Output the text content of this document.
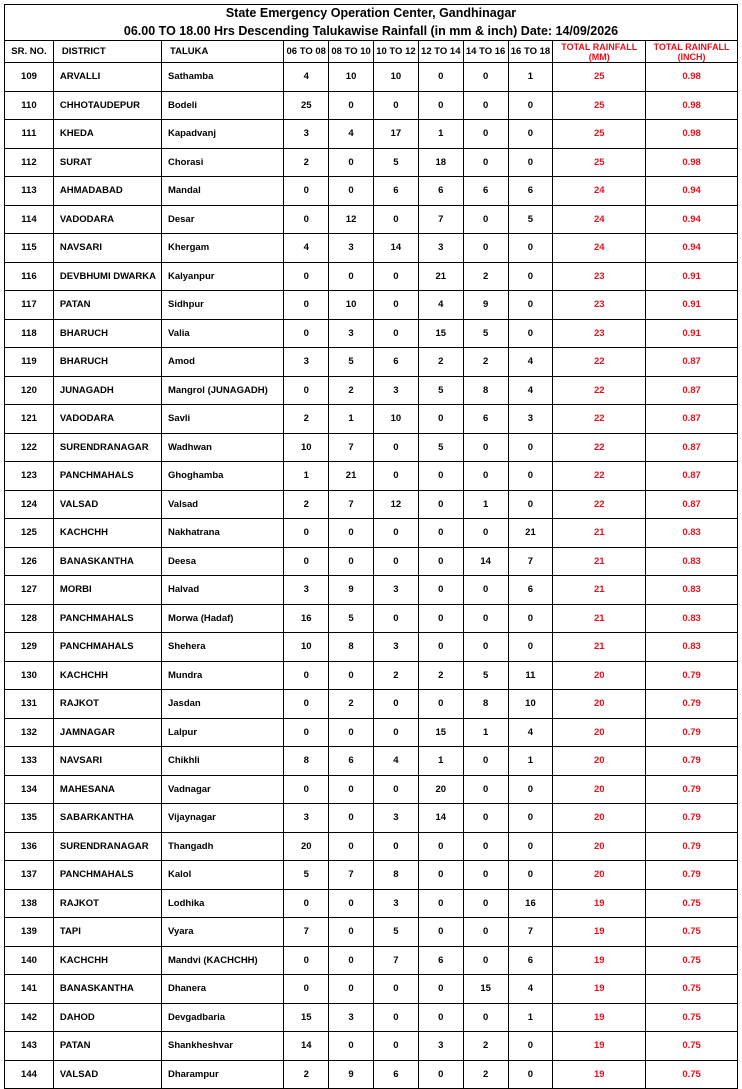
State Emergency Operation Center, Gandhinagar
06.00 TO 18.00 Hrs Descending Talukawise Rainfall (in mm & inch) Date: 14/09/2026
SR. NO.	DISTRICT	TALUKA	06 TO 08	08 TO 10	10 TO 12	12 TO 14	14 TO 16	16 TO 18	TOTAL RAINFALL (MM)	TOTAL RAINFALL (INCH)
109	ARVALLI	Sathamba	4	10	10	0	0	1	25	0.98
110	CHHOTAUDEPUR	Bodeli	25	0	0	0	0	0	25	0.98
111	KHEDA	Kapadvanj	3	4	17	1	0	0	25	0.98
112	SURAT	Chorasi	2	0	5	18	0	0	25	0.98
113	AHMADABAD	Mandal	0	0	6	6	6	6	24	0.94
114	VADODARA	Desar	0	12	0	7	0	5	24	0.94
115	NAVSARI	Khergam	4	3	14	3	0	0	24	0.94
116	DEVBHUMI DWARKA	Kalyanpur	0	0	0	21	2	0	23	0.91
117	PATAN	Sidhpur	0	10	0	4	9	0	23	0.91
118	BHARUCH	Valia	0	3	0	15	5	0	23	0.91
119	BHARUCH	Amod	3	5	6	2	2	4	22	0.87
120	JUNAGADH	Mangrol (JUNAGADH)	0	2	3	5	8	4	22	0.87
121	VADODARA	Savli	2	1	10	0	6	3	22	0.87
122	SURENDRANAGAR	Wadhwan	10	7	0	5	0	0	22	0.87
123	PANCHMAHALS	Ghoghamba	1	21	0	0	0	0	22	0.87
124	VALSAD	Valsad	2	7	12	0	1	0	22	0.87
125	KACHCHH	Nakhatrana	0	0	0	0	0	21	21	0.83
126	BANASKANTHA	Deesa	0	0	0	0	14	7	21	0.83
127	MORBI	Halvad	3	9	3	0	0	6	21	0.83
128	PANCHMAHALS	Morwa (Hadaf)	16	5	0	0	0	0	21	0.83
129	PANCHMAHALS	Shehera	10	8	3	0	0	0	21	0.83
130	KACHCHH	Mundra	0	0	2	2	5	11	20	0.79
131	RAJKOT	Jasdan	0	2	0	0	8	10	20	0.79
132	JAMNAGAR	Lalpur	0	0	0	15	1	4	20	0.79
133	NAVSARI	Chikhli	8	6	4	1	0	1	20	0.79
134	MAHESANA	Vadnagar	0	0	0	20	0	0	20	0.79
135	SABARKANTHA	Vijaynagar	3	0	3	14	0	0	20	0.79
136	SURENDRANAGAR	Thangadh	20	0	0	0	0	0	20	0.79
137	PANCHMAHALS	Kalol	5	7	8	0	0	0	20	0.79
138	RAJKOT	Lodhika	0	0	3	0	0	16	19	0.75
139	TAPI	Vyara	7	0	5	0	0	7	19	0.75
140	KACHCHH	Mandvi (KACHCHH)	0	0	7	6	0	6	19	0.75
141	BANASKANTHA	Dhanera	0	0	0	0	15	4	19	0.75
142	DAHOD	Devgadbaria	15	3	0	0	0	1	19	0.75
143	PATAN	Shankheshvar	14	0	0	3	2	0	19	0.75
144	VALSAD	Dharampur	2	9	6	0	2	0	19	0.75
